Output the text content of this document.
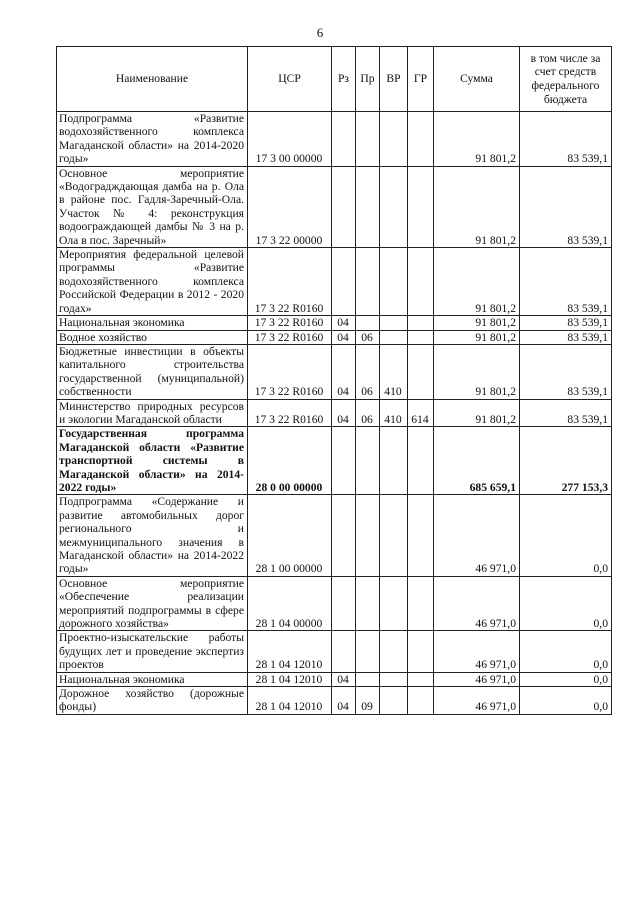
6
Наименование	ЦСР	Рз	Пр	ВР	ГР	Сумма	в том числе за счет средств федерального бюджета
Подпрограмма «Развитие водохозяйственного комплекса Магаданской области» на 2014-2020 годы»	17 3 00 00000					91 801,2	83 539,1
Основное мероприятие «Водоградждающая дамба на р. Ола в районе пос. Гадля-Заречный-Ола. Участок № 4: реконструкция водоограждающей дамбы № 3 на р. Ола в пос. Заречный»	17 3 22 00000					91 801,2	83 539,1
Мероприятия федеральной целевой программы «Развитие водохозяйственного комплекса Российской Федерации в 2012 - 2020 годах»	17 3 22 R0160					91 801,2	83 539,1
Национальная экономика	17 3 22 R0160	04				91 801,2	83 539,1
Водное хозяйство	17 3 22 R0160	04	06			91 801,2	83 539,1
Бюджетные инвестиции в объекты капитального строительства государственной (муниципальной) собственности	17 3 22 R0160	04	06	410		91 801,2	83 539,1
Министерство природных ресурсов и экологии Магаданской области	17 3 22 R0160	04	06	410	614	91 801,2	83 539,1
Государственная программа Магаданской области «Развитие транспортной системы в Магаданской области» на 2014-2022 годы»	28 0 00 00000					685 659,1	277 153,3
Подпрограмма «Содержание и развитие автомобильных дорог регионального и межмуниципального значения в Магаданской области» на 2014-2022 годы»	28 1 00 00000					46 971,0	0,0
Основное мероприятие «Обеспечение реализации мероприятий подпрограммы в сфере дорожного хозяйства»	28 1 04 00000					46 971,0	0,0
Проектно-изыскательские работы будущих лет и проведение экспертиз проектов	28 1 04 12010					46 971,0	0,0
Национальная экономика	28 1 04 12010	04				46 971,0	0,0
Дорожное хозяйство (дорожные фонды)	28 1 04 12010	04	09			46 971,0	0,0
